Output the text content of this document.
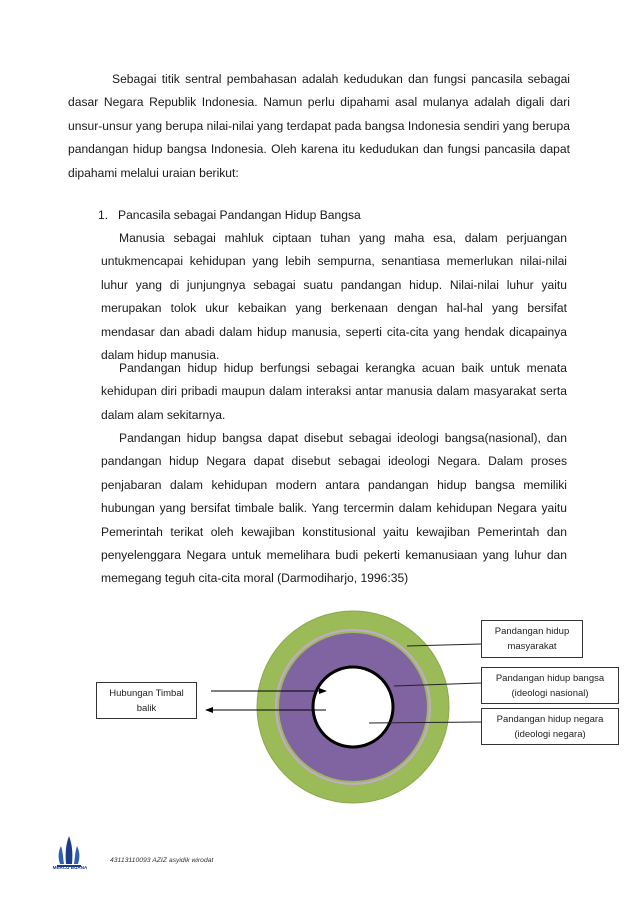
Sebagai titik sentral pembahasan adalah kedudukan dan fungsi pancasila sebagai dasar Negara Republik Indonesia. Namun perlu dipahami asal mulanya adalah digali dari unsur-unsur yang berupa nilai-nilai yang terdapat pada bangsa Indonesia sendiri yang berupa pandangan hidup bangsa Indonesia. Oleh karena itu kedudukan dan fungsi pancasila dapat dipahami melalui uraian berikut:

1. Pancasila sebagai Pandangan Hidup Bangsa

Manusia sebagai mahluk ciptaan tuhan yang maha esa, dalam perjuangan untukmencapai kehidupan yang lebih sempurna, senantiasa memerlukan nilai-nilai luhur yang di junjungnya sebagai suatu pandangan hidup. Nilai-nilai luhur yaitu merupakan tolok ukur kebaikan yang berkenaan dengan hal-hal yang bersifat mendasar dan abadi dalam hidup manusia, seperti cita-cita yang hendak dicapainya dalam hidup manusia.

Pandangan hidup hidup berfungsi sebagai kerangka acuan baik untuk menata kehidupan diri pribadi maupun dalam interaksi antar manusia dalam masyarakat serta dalam alam sekitarnya.

Pandangan hidup bangsa dapat disebut sebagai ideologi bangsa(nasional), dan pandangan hidup Negara dapat disebut sebagai ideologi Negara. Dalam proses penjabaran dalam kehidupan modern antara pandangan hidup bangsa memiliki hubungan yang bersifat timbale balik. Yang tercermin dalam kehidupan Negara yaitu Pemerintah terikat oleh kewajiban konstitusional yaitu kewajiban Pemerintah dan penyelenggara Negara untuk memelihara budi pekerti kemanusiaan yang luhur dan memegang teguh cita-cita moral (Darmodiharjo, 1996:35)

Pandangan hidup
masyarakat
Pandangan hidup bangsa
(ideologi nasional)
Pandangan hidup negara
(ideologi negara)
Hubungan Timbal
balik
MERCU BUANA
43113110093 AZIZ asyidik wirodat
